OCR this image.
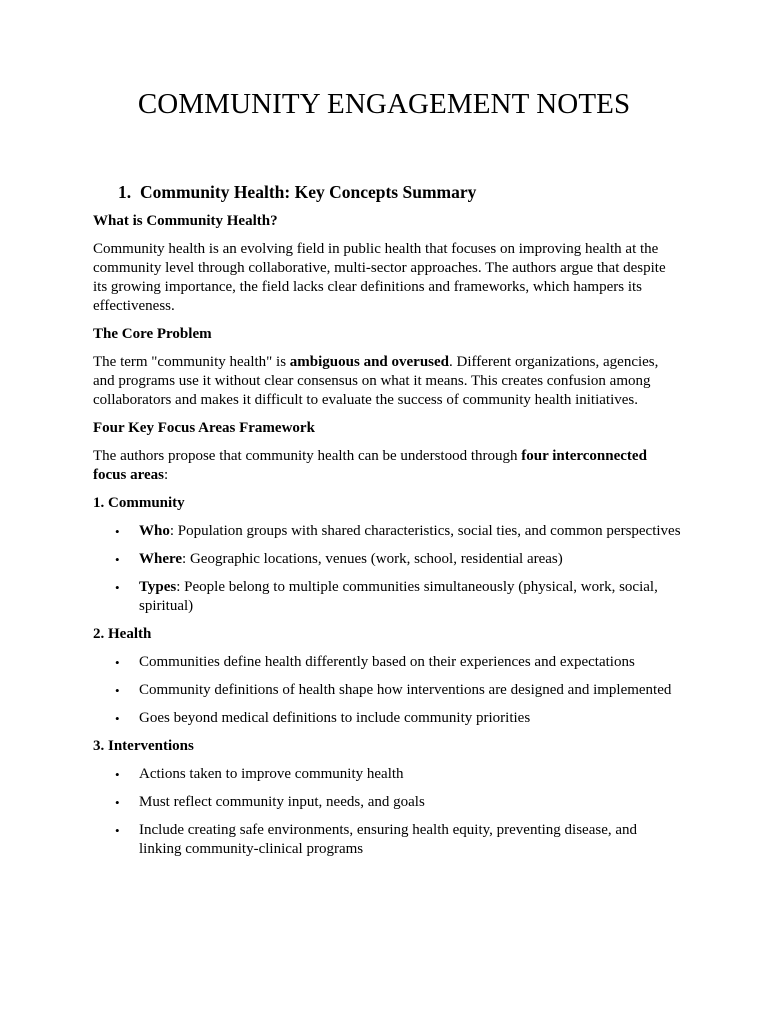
COMMUNITY ENGAGEMENT NOTES
1. Community Health: Key Concepts Summary
What is Community Health?

Community health is an evolving field in public health that focuses on improving health at the community level through collaborative, multi-sector approaches. The authors argue that despite its growing importance, the field lacks clear definitions and frameworks, which hampers its effectiveness.

The Core Problem

The term "community health" is ambiguous and overused. Different organizations, agencies, and programs use it without clear consensus on what it means. This creates confusion among collaborators and makes it difficult to evaluate the success of community health initiatives.

Four Key Focus Areas Framework

The authors propose that community health can be understood through four interconnected focus areas:

1. Community
• Who: Population groups with shared characteristics, social ties, and common perspectives
• Where: Geographic locations, venues (work, school, residential areas)
• Types: People belong to multiple communities simultaneously (physical, work, social, spiritual)
2. Health
• Communities define health differently based on their experiences and expectations
• Community definitions of health shape how interventions are designed and implemented
• Goes beyond medical definitions to include community priorities
3. Interventions
• Actions taken to improve community health
• Must reflect community input, needs, and goals
• Include creating safe environments, ensuring health equity, preventing disease, and linking community-clinical programs
